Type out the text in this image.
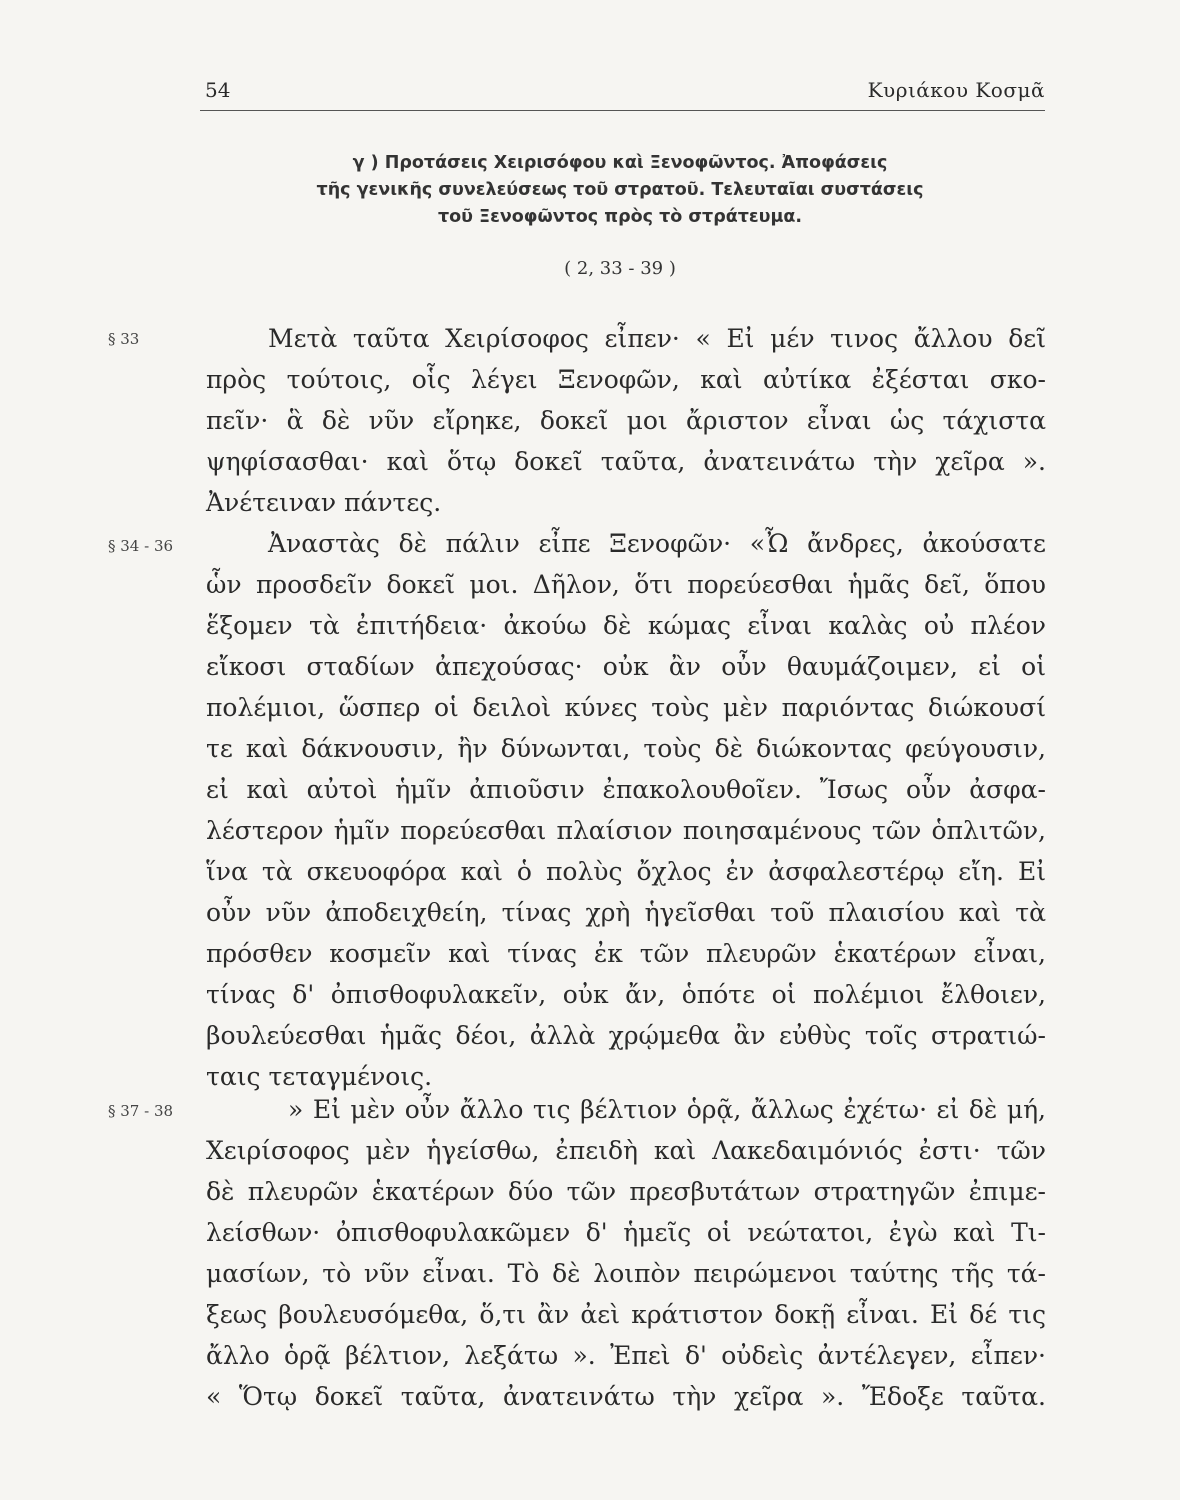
54	Κυριάκου Κοσμᾶ
γ ) Προτάσεις Χειρισόφου καὶ Ξενοφῶντος. Ἀποφάσεις
τῆς γενικῆς συνελεύσεως τοῦ στρατοῦ. Τελευταῖαι συστάσεις
τοῦ Ξενοφῶντος πρὸς τὸ στράτευμα.
( 2, 33 - 39 )
§ 33	Μετὰ ταῦτα Χειρίσοφος εἶπεν· « Εἰ μέν τινος ἄλλου δεῖ
πρὸς τούτοις, οἷς λέγει Ξενοφῶν, καὶ αὐτίκα ἐξέσται σκο-
πεῖν· ἃ δὲ νῦν εἴρηκε, δοκεῖ μοι ἄριστον εἶναι ὡς τάχιστα
ψηφίσασθαι· καὶ ὅτῳ δοκεῖ ταῦτα, ἀνατεινάτω τὴν χεῖρα ».
Ἀνέτειναν πάντες.
§ 34 - 36	Ἀναστὰς δὲ πάλιν εἶπε Ξενοφῶν· «Ὦ ἄνδρες, ἀκούσατε
ὧν προσδεῖν δοκεῖ μοι. Δῆλον, ὅτι πορεύεσθαι ἡμᾶς δεῖ, ὅπου
ἕξομεν τὰ ἐπιτήδεια· ἀκούω δὲ κώμας εἶναι καλὰς οὐ πλέον
εἴκοσι σταδίων ἀπεχούσας· οὐκ ἂν οὖν θαυμάζοιμεν, εἰ οἱ
πολέμιοι, ὥσπερ οἱ δειλοὶ κύνες τοὺς μὲν παριόντας διώκουσί
τε καὶ δάκνουσιν, ἢν δύνωνται, τοὺς δὲ διώκοντας φεύγουσιν,
εἰ καὶ αὐτοὶ ἡμῖν ἀπιοῦσιν ἐπακολουθοῖεν. Ἴσως οὖν ἀσφα-
λέστερον ἡμῖν πορεύεσθαι πλαίσιον ποιησαμένους τῶν ὁπλιτῶν,
ἵνα τὰ σκευοφόρα καὶ ὁ πολὺς ὄχλος ἐν ἀσφαλεστέρῳ εἴη. Εἰ
οὖν νῦν ἀποδειχθείη, τίνας χρὴ ἡγεῖσθαι τοῦ πλαισίου καὶ τὰ
πρόσθεν κοσμεῖν καὶ τίνας ἐκ τῶν πλευρῶν ἑκατέρων εἶναι,
τίνας δ' ὀπισθοφυλακεῖν, οὐκ ἄν, ὁπότε οἱ πολέμιοι ἔλθοιεν,
βουλεύεσθαι ἡμᾶς δέοι, ἀλλὰ χρῴμεθα ἂν εὐθὺς τοῖς στρατιώ-
ταις τεταγμένοις.
§ 37 - 38	» Εἰ μὲν οὖν ἄλλο τις βέλτιον ὁρᾷ, ἄλλως ἐχέτω· εἰ δὲ μή,
Χειρίσοφος μὲν ἡγείσθω, ἐπειδὴ καὶ Λακεδαιμόνιός ἐστι· τῶν
δὲ πλευρῶν ἑκατέρων δύο τῶν πρεσβυτάτων στρατηγῶν ἐπιμε-
λείσθων· ὀπισθοφυλακῶμεν δ' ἡμεῖς οἱ νεώτατοι, ἐγὼ καὶ Τι-
μασίων, τὸ νῦν εἶναι. Τὸ δὲ λοιπὸν πειρώμενοι ταύτης τῆς τά-
ξεως βουλευσόμεθα, ὅ,τι ἂν ἀεὶ κράτιστον δοκῇ εἶναι. Εἰ δέ τις
ἄλλο ὁρᾷ βέλτιον, λεξάτω ». Ἐπεὶ δ' οὐδεὶς ἀντέλεγεν, εἶπεν·
« Ὅτῳ δοκεῖ ταῦτα, ἀνατεινάτω τὴν χεῖρα ». Ἔδοξε ταῦτα.
